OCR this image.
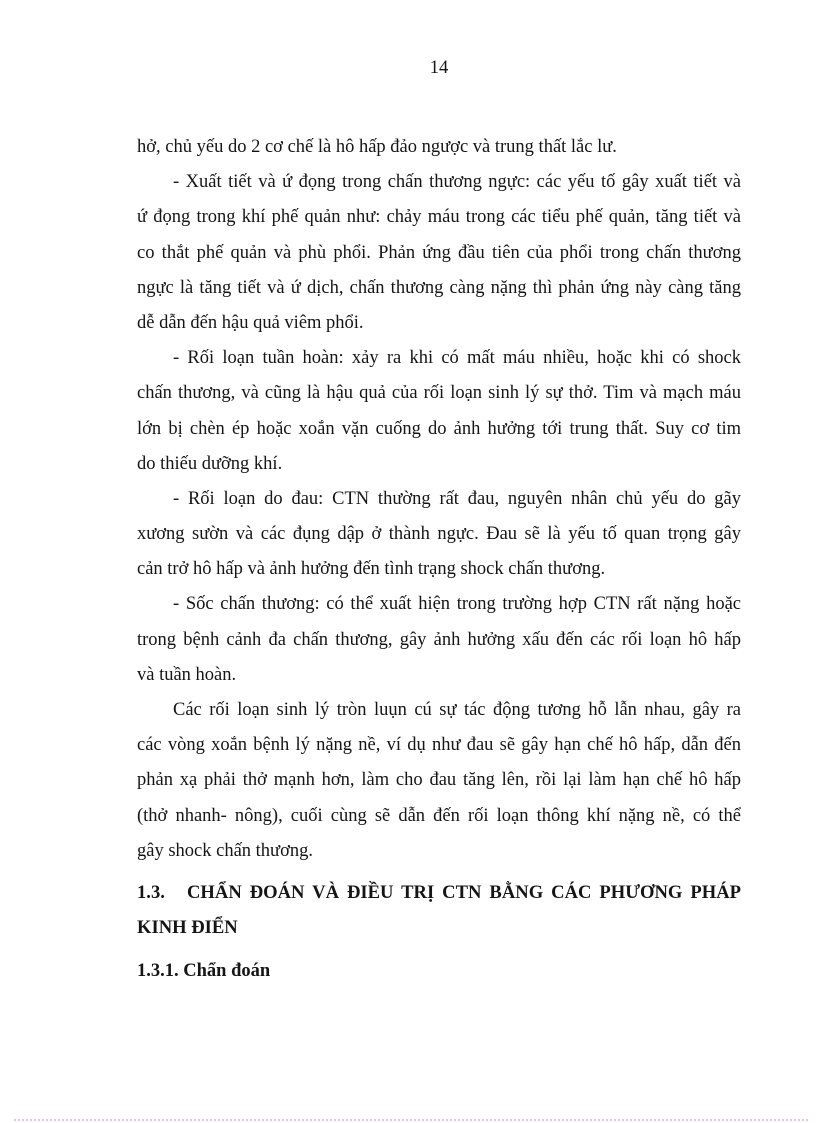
14
hở, chủ yếu do 2 cơ chế là hô hấp đảo ngược và trung thất lắc lư.
- Xuất tiết và ứ đọng trong chấn thương ngực: các yếu tố gây xuất tiết và
ứ đọng trong khí phế quản như: chảy máu trong các tiểu phế quản, tăng tiết và
co thắt phế quản và phù phổi. Phản ứng đầu tiên của phổi trong chấn thương
ngực là tăng tiết và ứ dịch, chấn thương càng nặng thì phản ứng này càng tăng
dễ dẫn đến hậu quả viêm phổi.
- Rối loạn tuần hoàn: xảy ra khi có mất máu nhiều, hoặc khi có shock
chấn thương, và cũng là hậu quả của rối loạn sinh lý sự thở. Tim và mạch máu
lớn bị chèn ép hoặc xoắn vặn cuống do ảnh hưởng tới trung thất. Suy cơ tim
do thiếu dưỡng khí.
- Rối loạn do đau: CTN thường rất đau, nguyên nhân chủ yếu do gãy
xương sườn và các đụng dập ở thành ngực. Đau sẽ là yếu tố quan trọng gây
cản trở hô hấp và ảnh hưởng đến tình trạng shock chấn thương.
- Sốc chấn thương: có thể xuất hiện trong trường hợp CTN rất nặng hoặc
trong bệnh cảnh đa chấn thương, gây ảnh hưởng xấu đến các rối loạn hô hấp
và tuần hoàn.
Các rối loạn sinh lý tròn luụn cú sự tác động tương hỗ lẫn nhau, gây ra
các vòng xoắn bệnh lý nặng nề, ví dụ như đau sẽ gây hạn chế hô hấp, dẫn đến
phản xạ phải thở mạnh hơn, làm cho đau tăng lên, rồi lại làm hạn chế hô hấp
(thở nhanh- nông), cuối cùng sẽ dẫn đến rối loạn thông khí nặng nề, có thể
gây shock chấn thương.
1.3. CHẨN ĐOÁN VÀ ĐIỀU TRỊ CTN BẰNG CÁC PHƯƠNG PHÁP
KINH ĐIỂN
1.3.1. Chẩn đoán
